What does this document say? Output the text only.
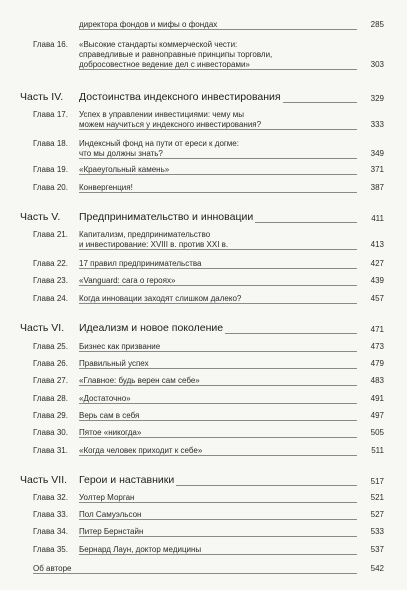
директора фондов и мифы о фондах	285
Глава 16. «Высокие стандарты коммерческой чести:
справедливые и равноправные принципы торговли,
добросовестное ведение дел с инвесторами»	303
Часть IV. Достоинства индексного инвестирования	329
Глава 17. Успех в управлении инвестициями: чему мы
можем научиться у индексного инвестирования?	333
Глава 18. Индексный фонд на пути от ереси к догме:
что мы должны знать?	349
Глава 19. «Краеугольный камень»	371
Глава 20. Конвергенция!	387
Часть V. Предпринимательство и инновации	411
Глава 21. Капитализм, предпринимательство
и инвестирование: XVIII в. против XXI в.	413
Глава 22. 17 правил предпринимательства	427
Глава 23. «Vanguard: сага о героях»	439
Глава 24. Когда инновации заходят слишком далеко?	457
Часть VI. Идеализм и новое поколение	471
Глава 25. Бизнес как призвание	473
Глава 26. Правильный успех	479
Глава 27. «Главное: будь верен сам себе»	483
Глава 28. «Достаточно»	491
Глава 29. Верь сам в себя	497
Глава 30. Пятое «никогда»	505
Глава 31. «Когда человек приходит к себе»	511
Часть VII. Герои и наставники	517
Глава 32. Уолтер Морган	521
Глава 33. Пол Самуэльсон	527
Глава 34. Питер Бернстайн	533
Глава 35. Бернард Лаун, доктор медицины	537
Об авторе	542
